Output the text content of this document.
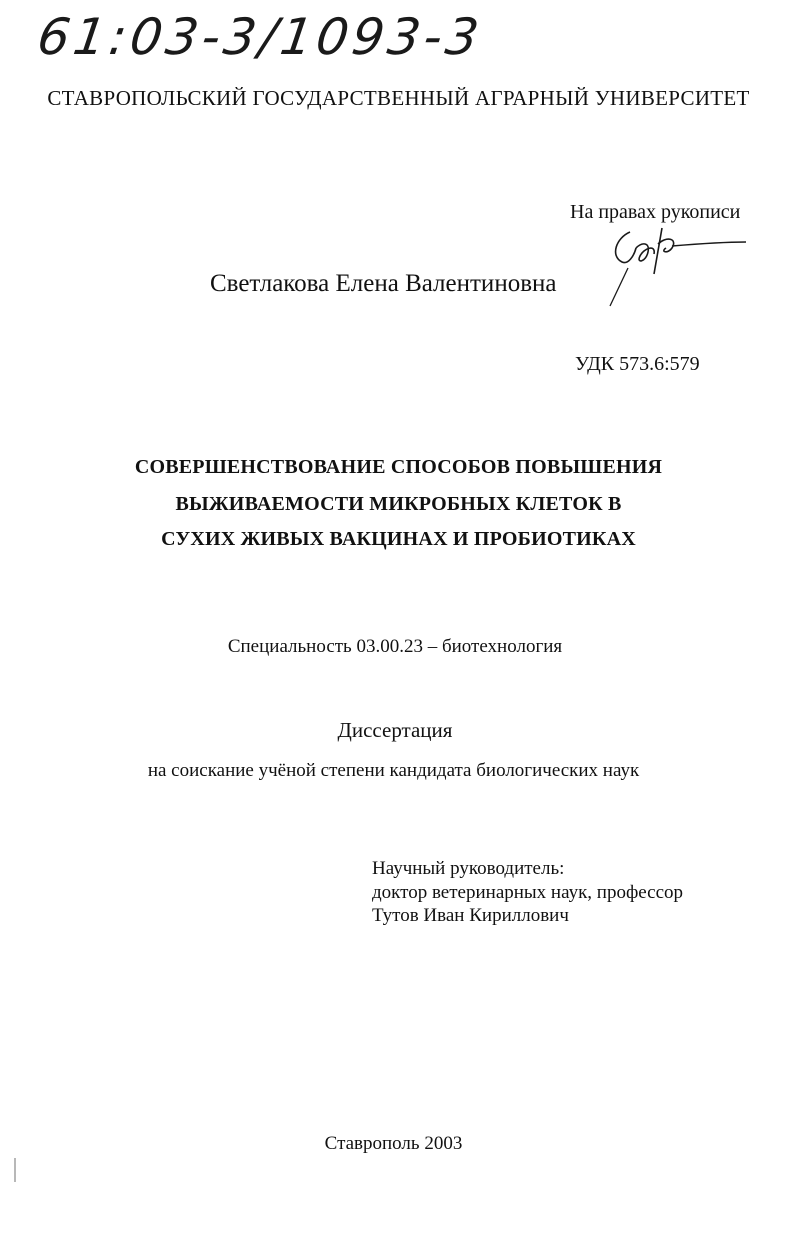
61:03-3/1093-3
СТАВРОПОЛЬСКИЙ ГОСУДАРСТВЕННЫЙ АГРАРНЫЙ УНИВЕРСИТЕТ
На правах рукописи
Светлакова Елена Валентиновна
УДК 573.6:579
СОВЕРШЕНСТВОВАНИЕ СПОСОБОВ ПОВЫШЕНИЯ
ВЫЖИВАЕМОСТИ МИКРОБНЫХ КЛЕТОК В
СУХИХ ЖИВЫХ ВАКЦИНАХ И ПРОБИОТИКАХ
Специальность 03.00.23 – биотехнология
Диссертация
на соискание учёной степени кандидата биологических наук
Научный руководитель:
доктор ветеринарных наук, профессор
Тутов Иван Кириллович
Ставрополь 2003
